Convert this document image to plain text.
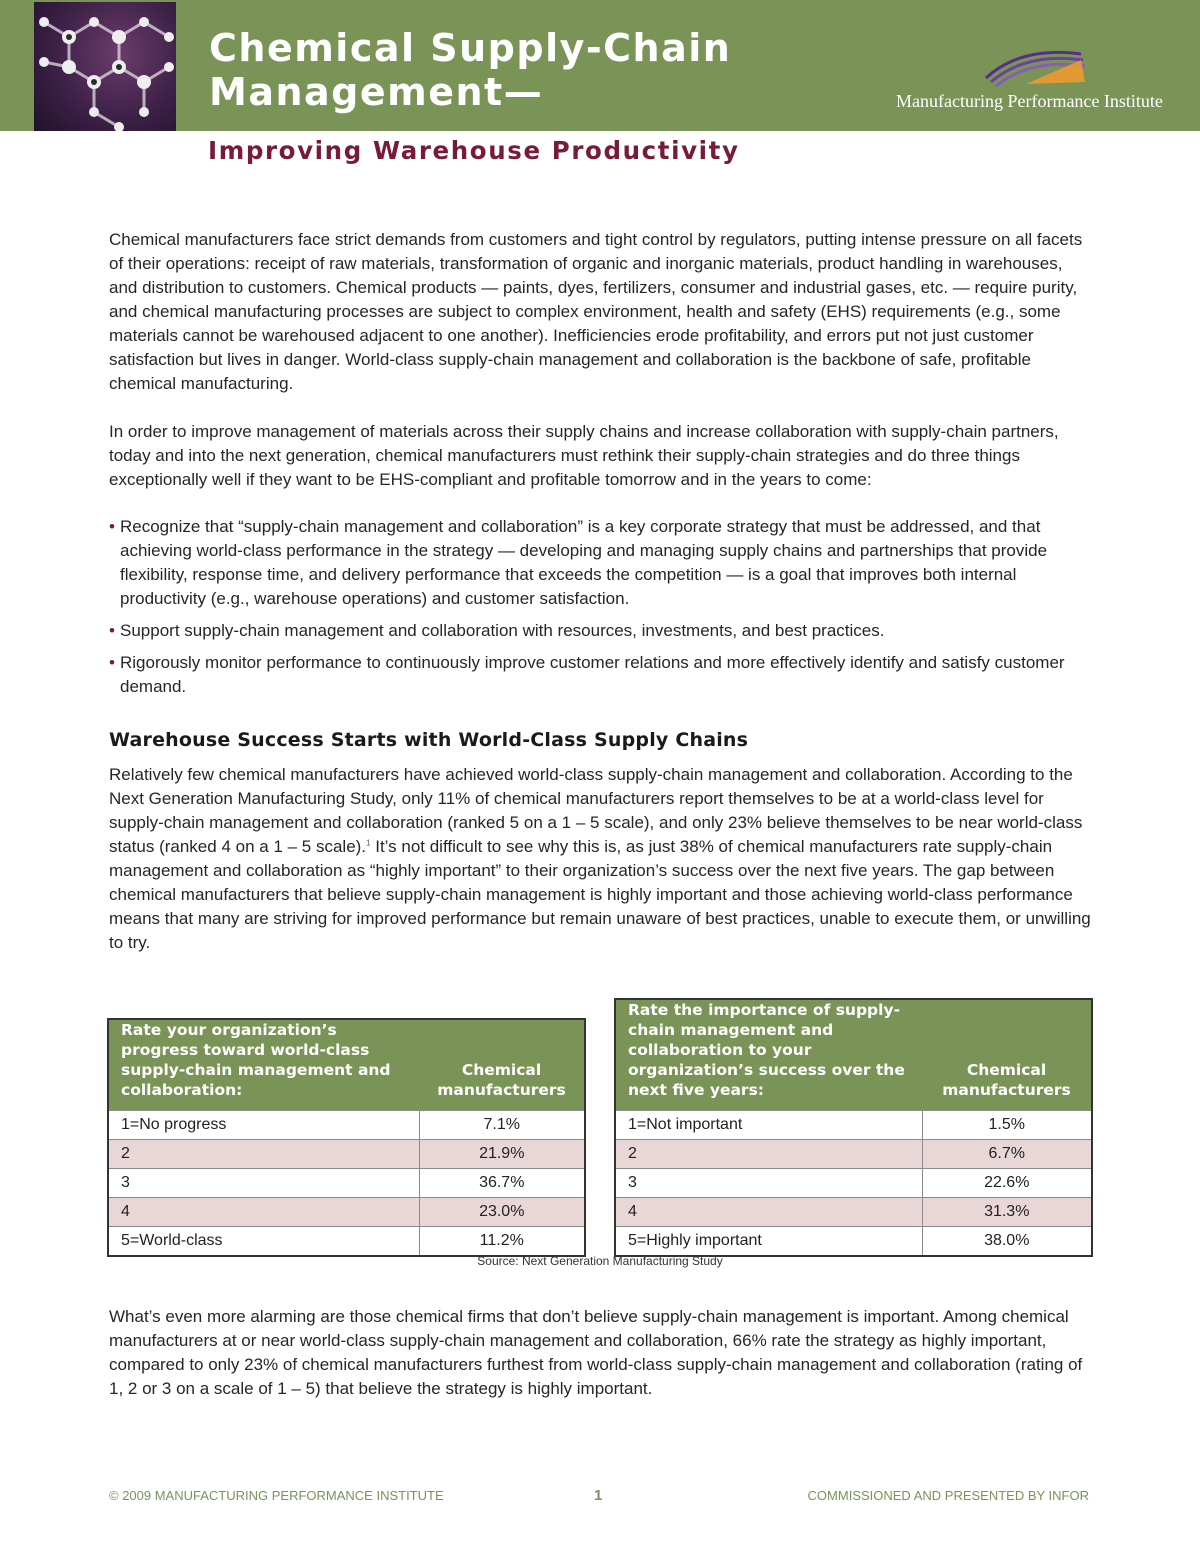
Chemical Supply-Chain
Management—	Manufacturing Performance Institute
Improving Warehouse Productivity

Chemical manufacturers face strict demands from customers and tight control by regulators, putting intense pressure on all facets of their operations: receipt of raw materials, transformation of organic and inorganic materials, product handling in warehouses, and distribution to customers. Chemical products — paints, dyes, fertilizers, consumer and industrial gases, etc. — require purity, and chemical manufacturing processes are subject to complex environment, health and safety (EHS) requirements (e.g., some materials cannot be warehoused adjacent to one another). Inefficiencies erode profitability, and errors put not just customer satisfaction but lives in danger. World-class supply-chain management and collaboration is the backbone of safe, profitable chemical manufacturing.

In order to improve management of materials across their supply chains and increase collaboration with supply-chain partners, today and into the next generation, chemical manufacturers must rethink their supply-chain strategies and do three things exceptionally well if they want to be EHS-compliant and profitable tomorrow and in the years to come:

• Recognize that “supply-chain management and collaboration” is a key corporate strategy that must be addressed, and that achieving world-class performance in the strategy — developing and managing supply chains and partnerships that provide flexibility, response time, and delivery performance that exceeds the competition — is a goal that improves both internal productivity (e.g., warehouse operations) and customer satisfaction.
• Support supply-chain management and collaboration with resources, investments, and best practices.
• Rigorously monitor performance to continuously improve customer relations and more effectively identify and satisfy customer demand.
Warehouse Success Starts with World-Class Supply Chains

Relatively few chemical manufacturers have achieved world-class supply-chain management and collaboration. According to the Next Generation Manufacturing Study, only 11% of chemical manufacturers report themselves to be at a world-class level for supply-chain management and collaboration (ranked 5 on a 1 – 5 scale), and only 23% believe themselves to be near world-class status (ranked 4 on a 1 – 5 scale).$^1$ It’s not difficult to see why this is, as just 38% of chemical manufacturers rate supply-chain management and collaboration as “highly important” to their organization’s success over the next five years. The gap between chemical manufacturers that believe supply-chain management is highly important and those achieving world-class performance means that many are striving for improved performance but remain unaware of best practices, unable to execute them, or unwilling to try.

Rate your organization’s progress toward world-class supply-chain management and collaboration:	Chemical manufacturers
1=No progress	7.1%
2	21.9%
3	36.7%
4	23.0%
5=World-class	11.2%
Rate the importance of supply-chain management and collaboration to your organization’s success over the next five years:	Chemical manufacturers
1=Not important	1.5%
2	6.7%
3	22.6%
4	31.3%
5=Highly important	38.0%

Source: Next Generation Manufacturing Study

What’s even more alarming are those chemical firms that don’t believe supply-chain management is important. Among chemical manufacturers at or near world-class supply-chain management and collaboration, 66% rate the strategy as highly important, compared to only 23% of chemical manufacturers furthest from world-class supply-chain management and collaboration (rating of 1, 2 or 3 on a scale of 1 – 5) that believe the strategy is highly important.

© 2009 MANUFACTURING PERFORMANCE INSTITUTE	1	COMMISSIONED AND PRESENTED BY INFOR
